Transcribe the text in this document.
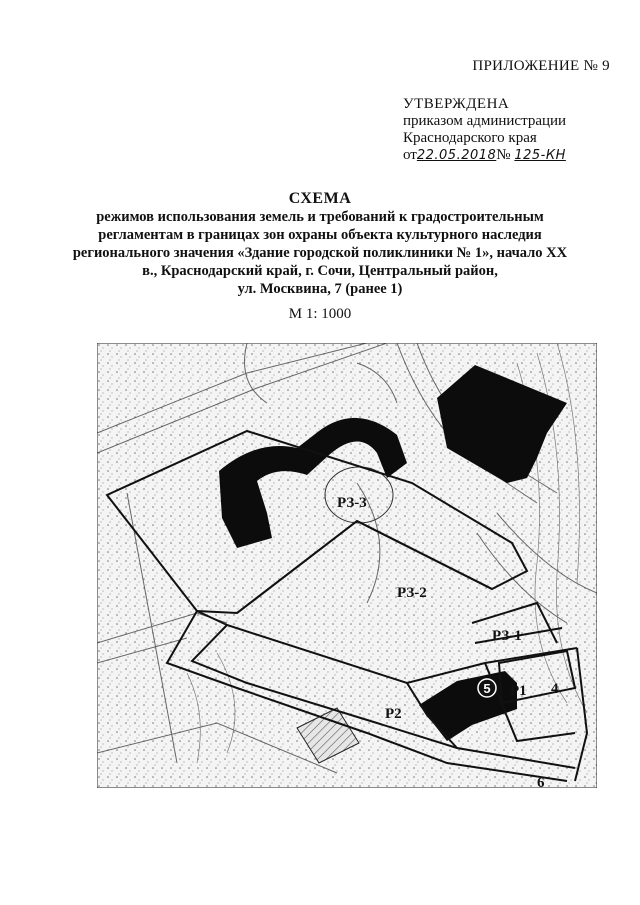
ПРИЛОЖЕНИЕ № 9
УТВЕРЖДЕНА
приказом администрации
Краснодарского края
от22.05.2018№ 125-КН
СХЕМА
режимов использования земель и требований к градостроительным
регламентам в границах зон охраны объекта культурного наследия
регионального значения «Здание городской поликлиники № 1», начало XX
в., Краснодарский край, г. Сочи, Центральный район,
ул. Москвина, 7 (ранее 1)
М 1: 1000
РЗ-3
РЗ-2
РЗ-1
Р1
Р2
5	4
6
